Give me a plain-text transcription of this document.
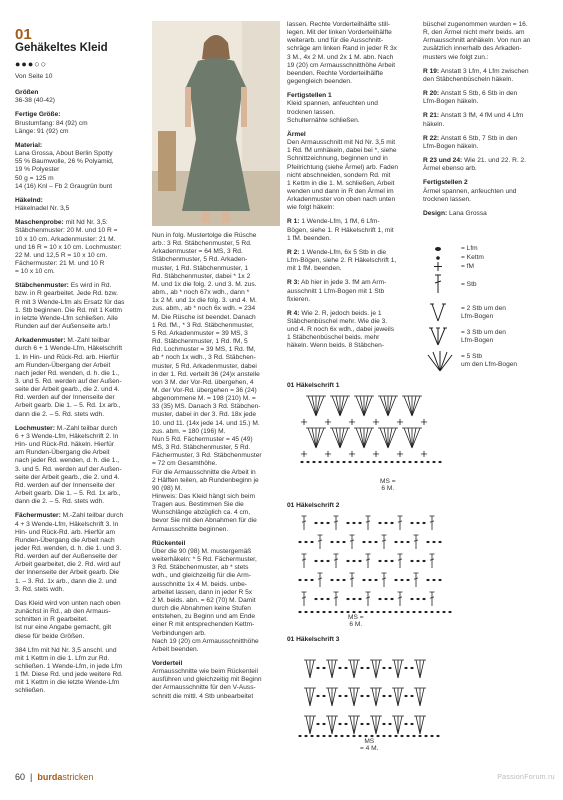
01
Gehäkeltes Kleid
●●●○○
Von Seite 10

Größen
36-38 (40-42)

Fertige Größe:
Brustumfang: 84 (92) cm
Länge: 91 (92) cm

Material:
Lana Grossa, About Berlin Spotty
55 % Baumwolle, 26 % Polyamid,
19 % Polyester
50 g = 125 m
14 (16) Knl – Fb 2 Graugrün bunt

Häkelnd:
Häkelnadel Nr. 3,5

Maschenprobe: mit Nd Nr. 3,5:
Stäbchenmuster: 20 M. und 10 R =
10 x 10 cm. Arkadenmuster: 21 M.
und 16 R = 10 x 10 cm. Lochmuster:
22 M. und 12,5 R = 10 x 10 cm.
Fächermuster: 21 M. und 10 R
= 10 x 10 cm.

Stäbchenmuster: Es wird in Rd.
bzw. in R gearbeitet. Jede Rd. bzw.
R mit 3 Wende-Lfm als Ersatz für das
1. Stb beginnen. Die Rd. mit 1 Kettm
in letzte Wende-Lfm schließen. Alle
Runden auf der Außenseite arb.!

Arkadenmuster: M.-Zahl teilbar
durch 6 + 1 Wende-Lfm, Häkelschrift
1. In Hin- und Rück-Rd. arb. Hierfür
am Runden-Übergang der Arbeit
nach jeder Rd. wenden, d. h. die 1.,
3. und 5. Rd. werden auf der Außen-
seite der Arbeit gearb., die 2. und 4.
Rd. werden auf der Innenseite der
Arbeit gearb. Die 1. – 5. Rd. 1x arb.,
dann die 2. – 5. Rd. stets wdh.

Lochmuster: M.-Zahl teilbar durch
6 + 3 Wende-Lfm, Häkelschrift 2. In
Hin- und Rück-Rd. häkeln. Hierfür
am Runden-Übergang die Arbeit
nach jeder Rd. wenden, d. h. die 1.,
3. und 5. Rd. werden auf der Außen-
seite der Arbeit gearb., die 2. und 4.
Rd. werden auf der Innenseite der
Arbeit gearb. Die 1. – 5. Rd. 1x arb.,
dann die 2. – 5. Rd. stets wdh.

Fächermuster: M.-Zahl teilbar durch
4 + 3 Wende-Lfm, Häkelschrift 3. In
Hin- und Rück-Rd. arb. Hierfür am
Runden-Übergang die Arbeit nach
jeder Rd. wenden, d. h. die 1. und 3.
Rd. werden auf der Außenseite der
Arbeit gearbeitet, die 2. Rd. wird auf
der Innenseite der Arbeit gearb. Die
1. – 3. Rd. 1x arb., dann die 2. und
3. Rd. stets wdh.

Das Kleid wird von unten nach oben
zunächst in Rd., ab den Armaus-
schnitten in R gearbeitet.
Ist nur eine Angabe gemacht, gilt
diese für beide Größen.

384 Lfm mit Nd Nr. 3,5 anschl. und
mit 1 Kettm in die 1. Lfm zur Rd.
schließen. 1 Wende-Lfm, in jede Lfm
1 fM. Diese Rd. und jede weitere Rd.
mit 1 Kettm in die letzte Wende-Lfm
schließen.

Nun in folg. Mustertolge die Rüsche
arb.: 3 Rd. Stäbchenmuster, 5 Rd.
Arkadenmuster = 64 MS, 3 Rd.
Stäbchenmuster, 5 Rd. Arkaden-
muster, 1 Rd. Stäbchenmuster, 1
Rd. Stäbchenmuster, dabei * 1x 2
M. und 1x die folg. 2. und 3. M. zus.
abm., ab * noch 67x wdh., dann *
1x 2 M. und 1x die folg. 3. und 4. M.
zus. abm., ab * noch 6x wdh. = 234
M. Die Rüsche ist beendet. Danach
1 Rd. fM., * 3 Rd. Stäbchenmuster,
5 Rd. Arkadenmuster = 39 MS, 3
Rd. Stäbchenmuster, 1 Rd. fM, 5
Rd. Lochmuster = 39 MS, 1 Rd. fM,
ab * noch 1x wdh., 3 Rd. Stäbchen-
muster, 5 Rd. Arkadenmuster, dabei
in der 1. Rd. verteilt 36 (24)x anstelle
von 3 M. der Vor-Rd. übergehen, 4
M. der Vor-Rd. übergehen = 36 (24)
abgenommene M. = 198 (210) M. =
33 (35) MS. Danach 3 Rd. Stäbchen-
muster, dabei in der 3. Rd. 18x jede
10. und 11. (14x jede 14. und 15.) M.
zus. abm. = 180 (196) M.
Nun 5 Rd. Fächermuster = 45 (49)
MS, 3 Rd. Stäbchenmuster, 5 Rd.
Fächermuster, 3 Rd. Stäbchenmuster
= 72 cm Gesamthöhe.
Für die Armausschnitte die Arbeit in
2 Hälften teilen, ab Rundenbeginn je
90 (98) M.
Hinweis: Das Kleid hängt sich beim
Tragen aus. Bestimmen Sie die
Wunschlänge abzüglich ca. 4 cm,
bevor Sie mit den Abnahmen für die
Armausschnitte beginnen.

Rückenteil
Über die 90 (98) M. mustergemäß
weiterhäkeln: * 5 Rd. Fächermuster,
3 Rd. Stäbchenmuster, ab * stets
wdh., und gleichzeitig für die Arm-
ausschnitte 1x 4 M. beids. unbe-
arbeitet lassen, dann in jeder R 5x
2 M. beids. abn. = 62 (70) M. Damit
durch die Abnahmen keine Stufen
entstehen, zu Beginn und am Ende
einer R mit entsprechenden Kettm-
Verbindungen arb.
Nach 19 (20) cm Armausschnitthöhe
Arbeit beenden.

Vorderteil
Armausschnitte wie beim Rückenteil
ausführen und gleichzeitig mit Beginn
der Armausschnitte für den V-Auss-
schnitt die mittl. 4 Stb unbearbeitet

lassen. Rechte Vorderteilhälfte still-
legen. Mit der linken Vorderteilhälfte
weiterarb. und für die Ausschnitt-
schräge am linken Rand in jeder R 3x
3 M., 4x 2 M. und 2x 1 M. abn. Nach
19 (20) cm Armausschnitthöhe Arbeit
beenden. Rechte Vorderteilhälfte
gegengleich beenden.

Fertigstellen 1
Kleid spannen, anfeuchten und
trocknen lassen.
Schulternähte schließen.

Ärmel
Den Armausschnitt mit Nd Nr. 3,5 mit
1 Rd. fM umhäkeln, dabei bei *, siehe
Schnittzeichnung, beginnen und in
Pfeilrichtung (siehe Ärmel) arb. Faden
nicht abschneiden, sondern Rd. mit
1 Kettm in die 1. M. schließen, Arbeit
wenden und dann in R den Ärmel im
Arkadenmuster von oben nach unten
wie folgt häkeln:

R 1: 1 Wende-Lfm, 1 fM, 6 Lfm-
Bögen, siehe 1. R Häkelschrift 1, mit
1 fM. beenden.

R 2: 1 Wende-Lfm, 6x 5 Stb in die
Lfm-Bögen, siehe 2. R Häkelschrift 1,
mit 1 fM. beenden.

R 3: Ab hier in jede 3. fM am Arm-
ausschnitt 1 Lfm-Bogen mit 1 Stb
fixieren.

R 4: Wie 2. R, jedoch beids. je 1
Stäbchenbüschel mehr. Wie die 3.
und 4. R noch 6x wdh., dabei jeweils
1 Stäbchenbüschel beids. mehr
häkeln. Wenn beids. 8 Stäbchen-

büschel zugenommen wurden = 16.
R, den Ärmel nicht mehr beids. am
Armausschnitt anhäkeln. Von nun an
zusätzlich innerhalb des Arkaden-
musters wie folgt zun.:

R 19: Anstatt 3 Lfm, 4 Lfm zwischen
den Stäbchenbüscheln häkeln.

R 20: Anstatt 5 Stb, 6 Stb in den
Lfm-Bogen häkeln.

R 21: Anstatt 3 fM, 4 fM und 4 Lfm
häkeln.

R 22: Anstatt 6 Stb, 7 Stb in den
Lfm-Bogen häkeln.

R 23 und 24: Wie 21. und 22. R. 2.
Ärmel ebenso arb.

Fertigstellen 2
Ärmel spannen, anfeuchten und
trocknen lassen.

Design: Lana Grossa

= Lfm
= Kettm
= fM
= Stb
= 2 Stb um den
Lfm-Bogen
= 3 Stb um den
Lfm-Bogen
= 5 Stb
um den Lfm-Bogen
01 Häkelschrift 1
MS =
6 M.
01 Häkelschrift 2
MS =
6 M.
01 Häkelschrift 3
MS
= 4 M.
60  |  burdastricken	PassionForum.ru
